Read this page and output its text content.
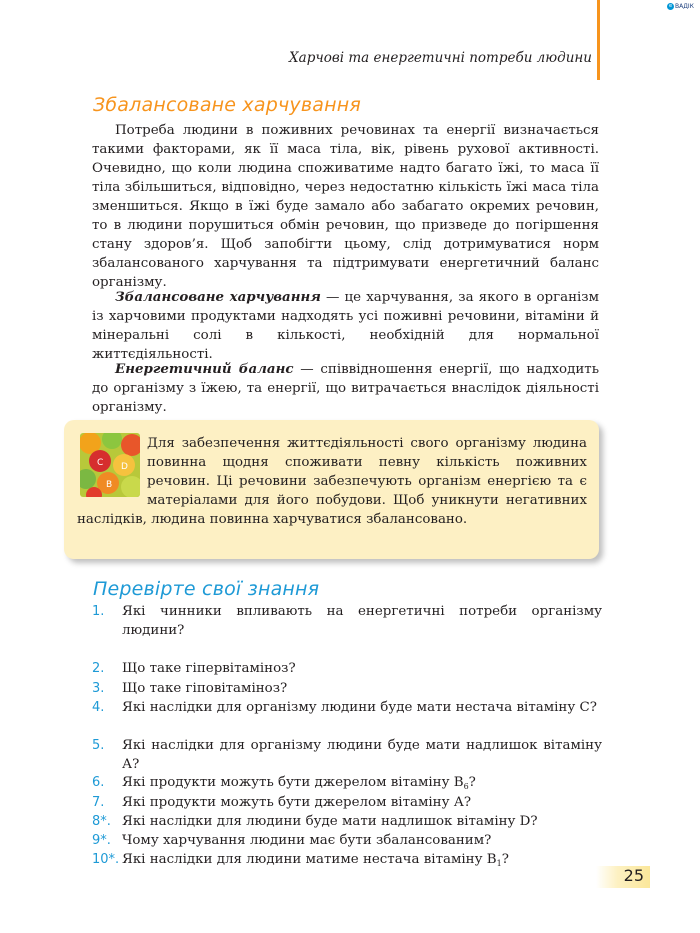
e ВАДІК
Харчові та енергетичні потреби людини
Збалансоване харчування

Потреба людини в поживних речовинах та енергії визначається такими факторами, як її маса тіла, вік, рівень рухової активності. Очевидно, що коли людина споживатиме надто багато їжі, то маса її тіла збільшиться, відповідно, через недостатню кількість їжі маса тіла зменшиться. Якщо в їжі буде замало або забагато окремих речовин, то в людини порушиться обмін речовин, що призведе до погіршення стану здоров’я. Щоб запобігти цьому, слід дотримуватися норм збалансованого харчування та підтримувати енергетичний баланс організму.

Збалансоване харчування — це харчування, за якого в організм із харчовими продуктами надходять усі поживні речовини, вітаміни й мінеральні солі в кількості, необхідній для нормальної життєдіяльності.

Енергетичний баланс — співвідношення енергії, що надходить до організму з їжею, та енергії, що витрачається внаслідок діяльності організму.

D
C
B

Для забезпечення життєдіяльності свого організму людина повинна щодня споживати певну кількість поживних речовин. Ці речовини забезпечують організм енергією та є матеріалами для його побудови. Щоб уникнути негативних наслідків, людина повинна харчуватися збалансовано.

Перевірте свої знання
1.	Які чинники впливають на енергетичні потреби організму людини?
2.	Що таке гіпервітаміноз?
3.	Що таке гіповітаміноз?
4.	Які наслідки для організму людини буде мати нестача вітаміну С?
5.	Які наслідки для організму людини буде мати надлишок вітаміну А?
6.	Які продукти можуть бути джерелом вітаміну $B_6$?
7.	Які продукти можуть бути джерелом вітаміну А?
8*. Які наслідки для людини буде мати надлишок вітаміну D?
9*. Чому харчування людини має бути збалансованим?
10*. Які наслідки для людини матиме нестача вітаміну $B_1$?
25
